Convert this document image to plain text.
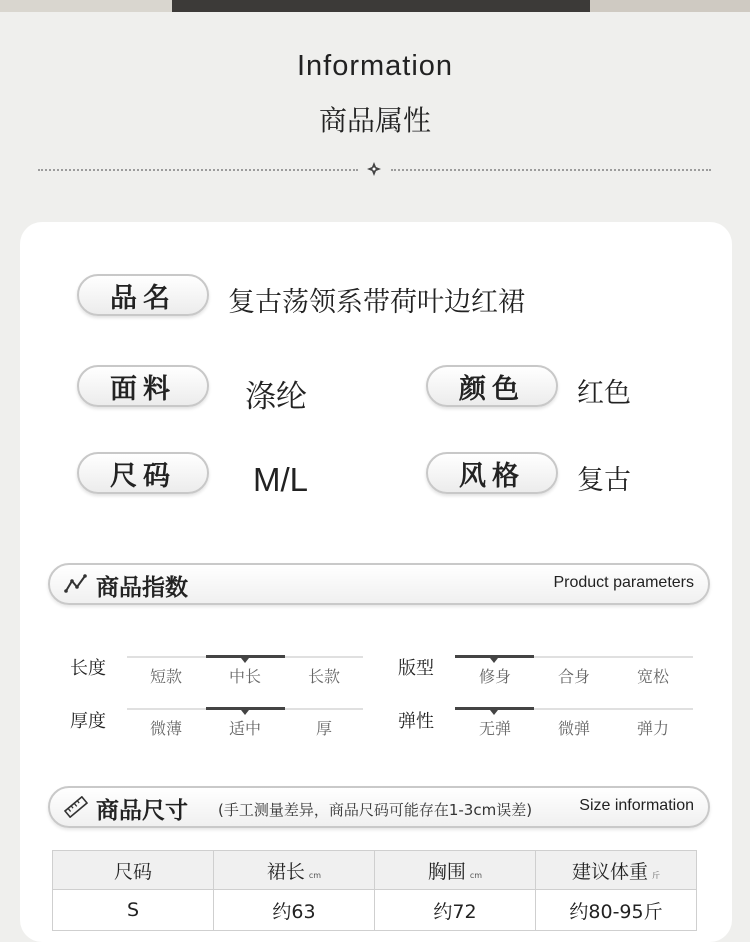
Information
商品属性
品名	复古荡领系带荷叶边红裙
面料	涤纶	颜色	红色
尺码	M/L	风格	复古
商品指数	Product parameters
长度	短款	中长	长款	版型	修身	合身	宽松
厚度	微薄	适中	厚	弹性	无弹	微弹	弹力
商品尺寸 (手工测量差异，商品尺码可能存在1-3cm误差)	Size information
尺码	裙长 cm	胸围 cm	建议体重 斤
S	约63	约72	约80-95斤
